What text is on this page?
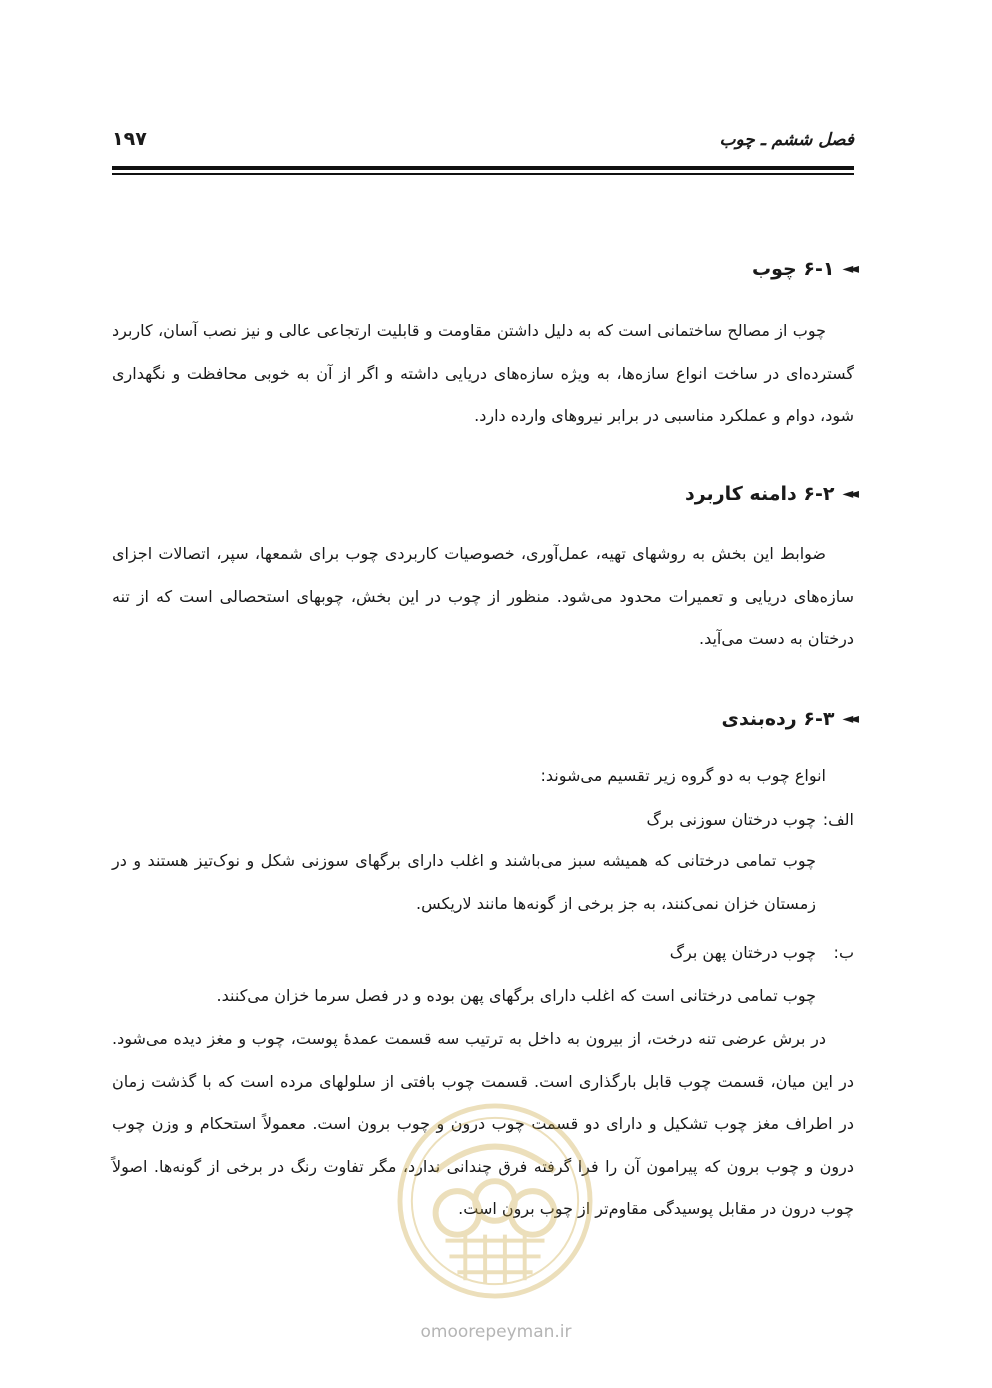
فصل ششم ـ چوب
۱۹۷
◄◄
۶-۱ چوب
چوب از مصالح ساختمانی است که به دلیل داشتن مقاومت و قابلیت ارتجاعی عالی و نیز نصب آسان، کاربرد گسترده‌ای در ساخت انواع سازه‌ها، به ویژه سازه‌های دریایی داشته و اگر از آن به خوبی محافظت و نگهداری شود، دوام و عملکرد مناسبی در برابر نیروهای وارده دارد.
◄◄
۶-۲ دامنه کاربرد
ضوابط این بخش به روشهای تهیه، عمل‌آوری، خصوصیات کاربردی چوب برای شمعها، سپر، اتصالات اجزای سازه‌های دریایی و تعمیرات محدود می‌شود. منظور از چوب در این بخش، چوبهای استحصالی است که از تنه درختان به دست می‌آید.
◄◄
۶-۳ رده‌بندی
انواع چوب به دو گروه زیر تقسیم می‌شوند:
الف:
چوب درختان سوزنی برگ
چوب تمامی درختانی که همیشه سبز می‌باشند و اغلب دارای برگهای سوزنی شکل و نوک‌تیز هستند و در زمستان خزان نمی‌کنند، به جز برخی از گونه‌ها مانند لاریکس.
ب:
چوب درختان پهن برگ
چوب تمامی درختانی است که اغلب دارای برگهای پهن بوده و در فصل سرما خزان می‌کنند.
در برش عرضی تنه درخت، از بیرون به داخل به ترتیب سه قسمت عمدهٔ پوست، چوب و مغز دیده می‌شود. در این میان، قسمت چوب قابل بارگذاری است. قسمت چوب بافتی از سلولهای مرده است که با گذشت زمان در اطراف مغز چوب تشکیل و دارای دو قسمت چوب درون و چوب برون است. معمولاً استحکام و وزن چوب درون و چوب برون که پیرامون آن را فرا گرفته فرق چندانی ندارد، مگر تفاوت رنگ در برخی از گونه‌ها. اصولاً چوب درون در مقابل پوسیدگی مقاوم‌تر از چوب برون است.
omoorepeyman.ir
